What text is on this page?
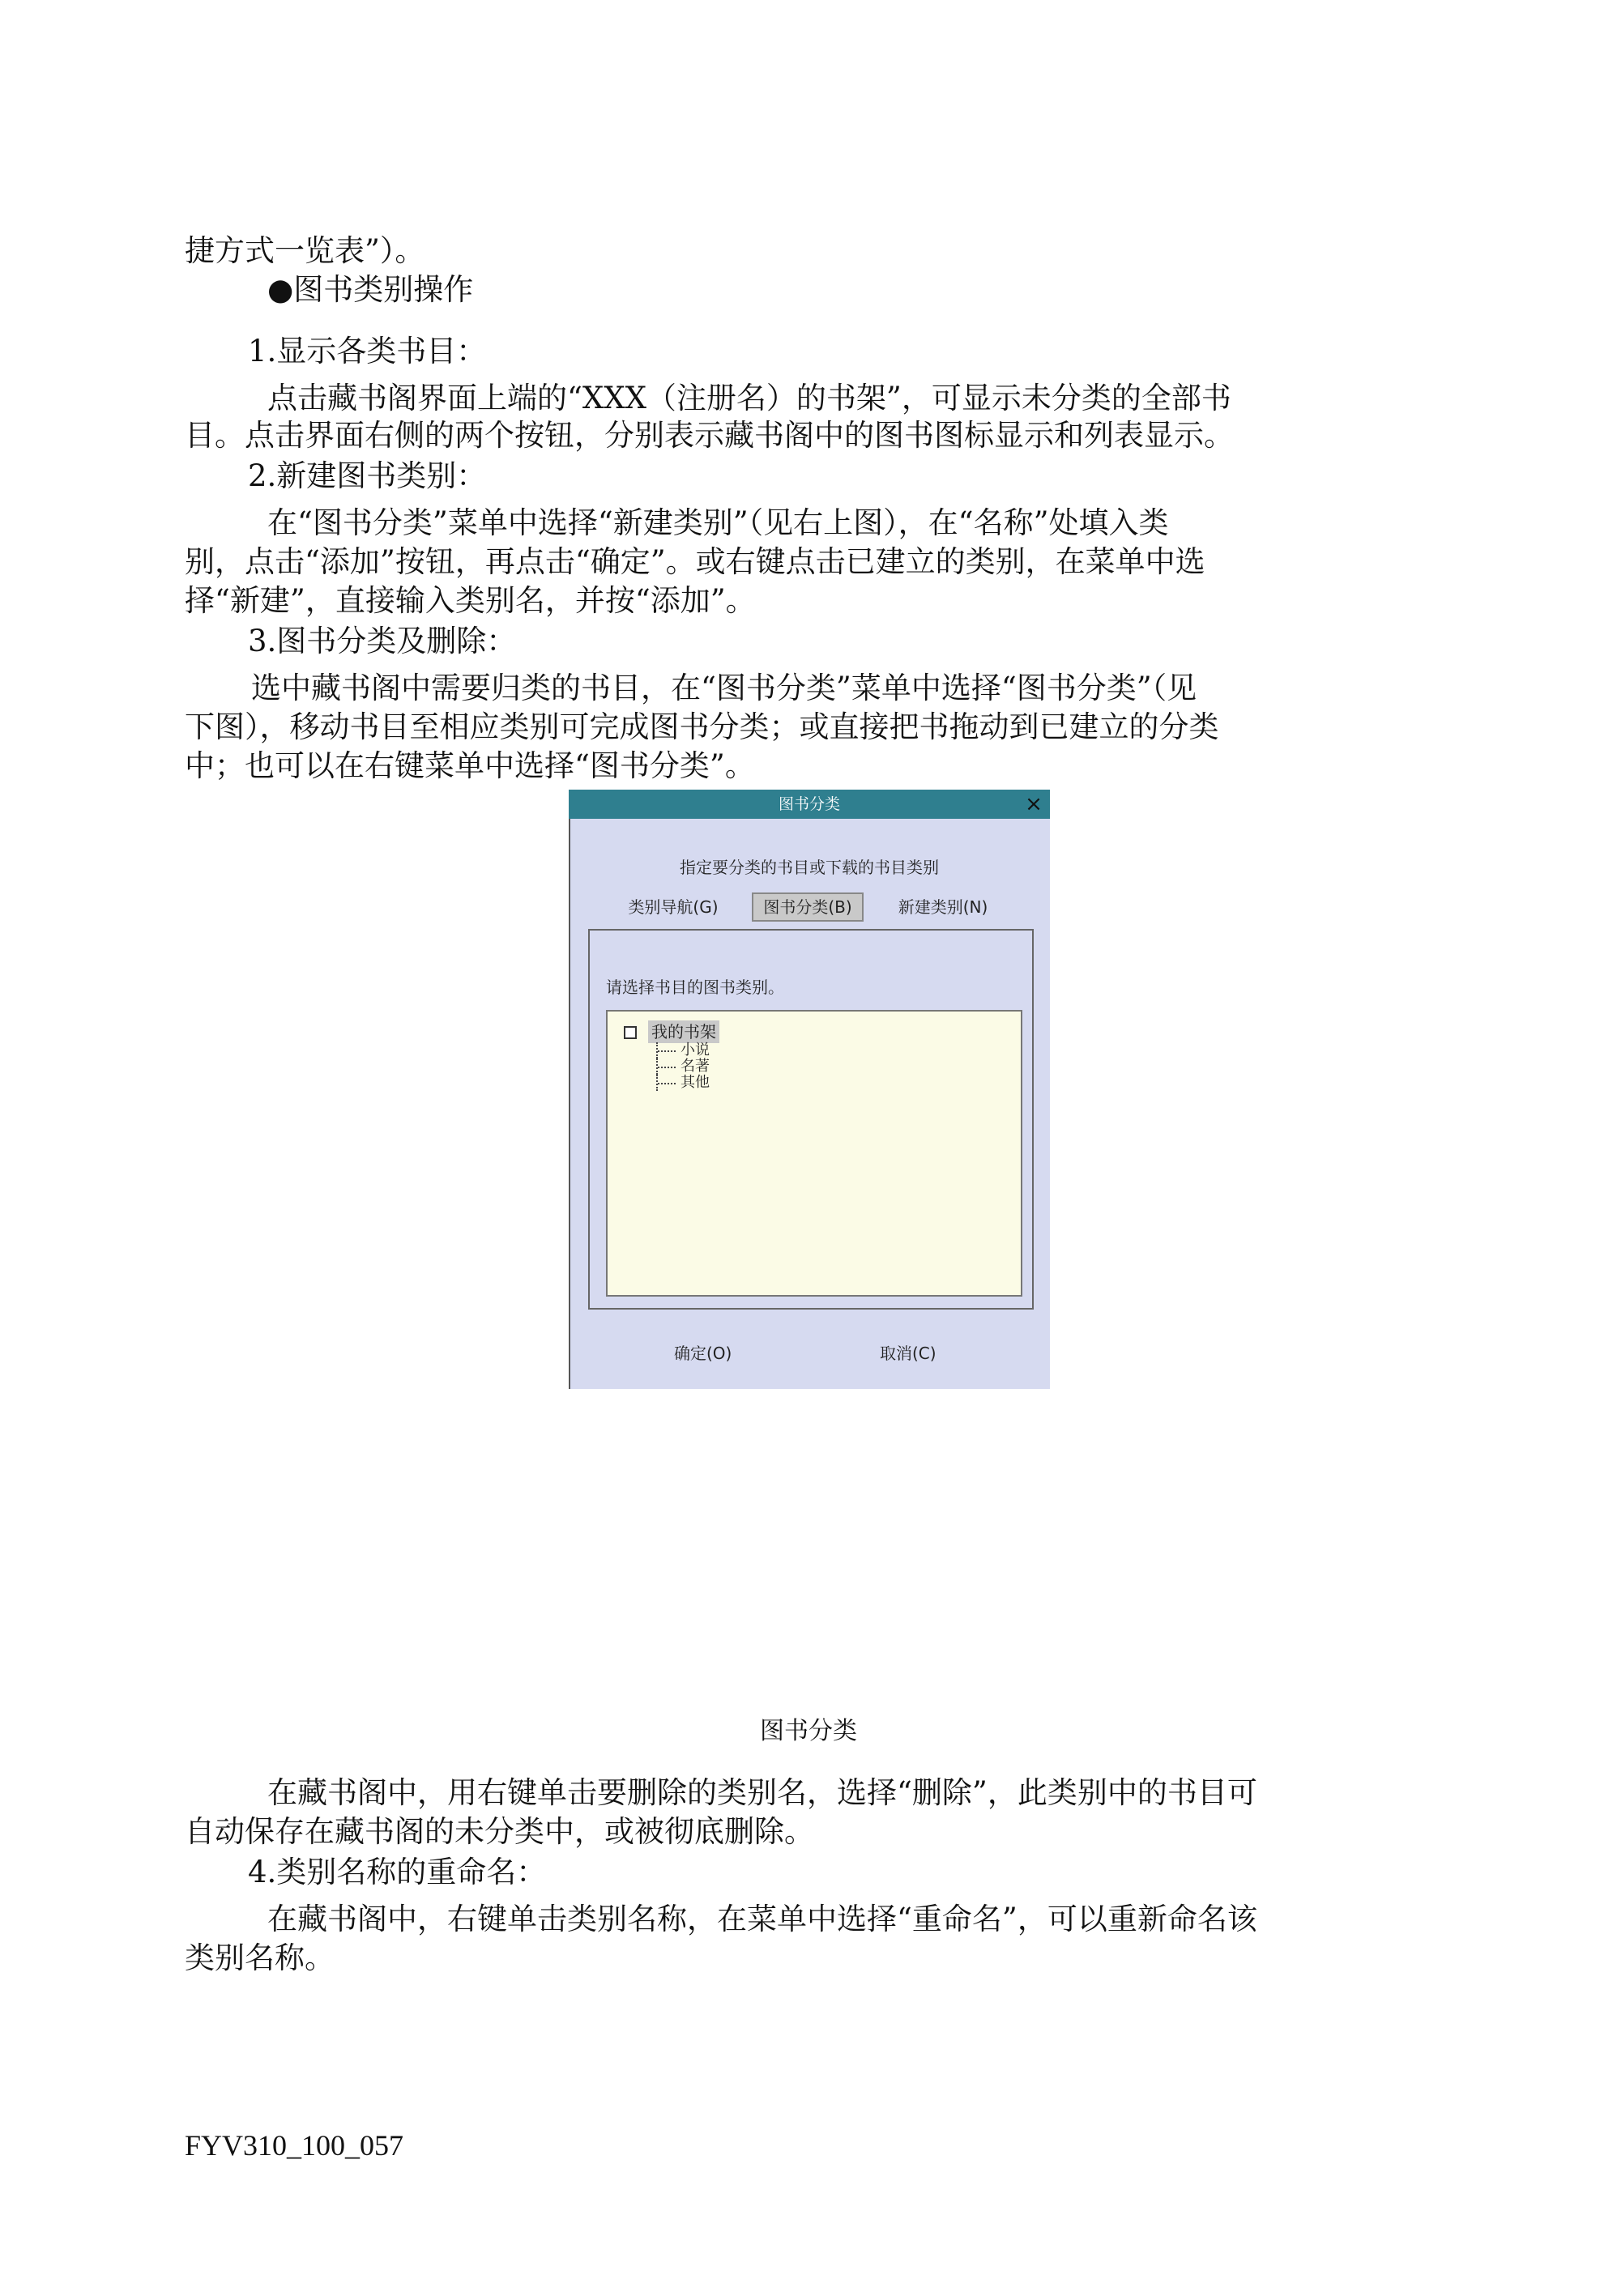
捷方式一览表”）。
●图书类别操作
1.显示各类书目：
点击藏书阁界面上端的“XXX（注册名）的书架”，可显示未分类的全部书
目。点击界面右侧的两个按钮，分别表示藏书阁中的图书图标显示和列表显示。
2.新建图书类别：
在“图书分类”菜单中选择“新建类别”（见右上图），在“名称”处填入类
别，点击“添加”按钮，再点击“确定”。或右键点击已建立的类别，在菜单中选
择“新建”，直接输入类别名，并按“添加”。
3.图书分类及删除：
选中藏书阁中需要归类的书目，在“图书分类”菜单中选择“图书分类”（见
下图），移动书目至相应类别可完成图书分类；或直接把书拖动到已建立的分类
中；也可以在右键菜单中选择“图书分类”。
图书分类	×
指定要分类的书目或下载的书目类别
类别导航(G)	图书分类(B)	新建类别(N)
请选择书目的图书类别。
我的书架
小说
名著
其他
确定(O)	取消(C)
图书分类
在藏书阁中，用右键单击要删除的类别名，选择“删除”，此类别中的书目可
自动保存在藏书阁的未分类中，或被彻底删除。
4.类别名称的重命名：
在藏书阁中，右键单击类别名称，在菜单中选择“重命名”，可以重新命名该
类别名称。
FYV310_100_057
